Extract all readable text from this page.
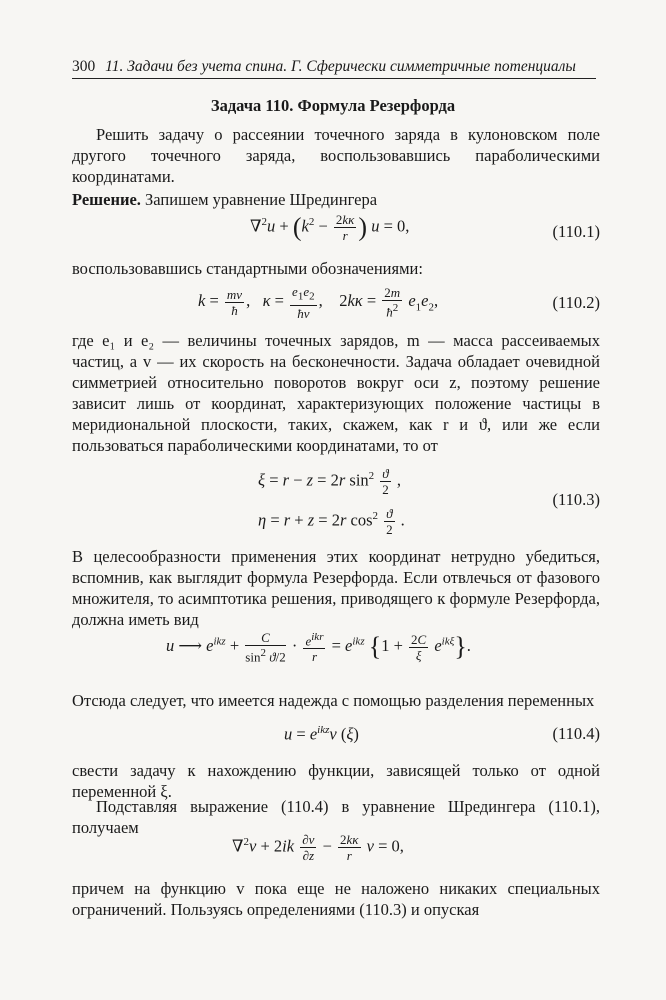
300 11. Задачи без учета спина. Г. Сферически симметричные потенциалы
Задача 110. Формула Резерфорда
Решить задачу о рассеянии точечного заряда в кулоновском поле другого точечного заряда, воспользовавшись параболическими координатами.
Решение. Запишем уравнение Шредингера
$\nabla^2u + (k^2 - \frac{2k\kappa}{r}$ ) u = 0,	(110.1)
воспользовавшись стандартными обозначениями:
$k = \frac{mv}{ħ}$ ,   $\kappa = \frac{e_1e_2}{ħv}$ ,    $2k\kappa = \frac{2m}{ħ^2} e_1e_2$,	(110.2)
где e₁ и e₂ — величины точечных зарядов, m — масса рассеиваемых частиц, а v — их скорость на бесконечности. Задача обладает очевидной симметрией относительно поворотов вокруг оси z, поэтому решение зависит лишь от координат, характеризующих положение частицы в меридиональной плоскости, таких, скажем, как r и ϑ, или же если пользоваться параболическими координатами, то от
ξ = r − z = 2r $\sin^2 \frac{ϑ}{2}$ ,
η = r + z = 2r $\cos^2 \frac{ϑ}{2}$ .
(110.3)
В целесообразности применения этих координат нетрудно убедиться, вспомнив, как выглядит формула Резерфорда. Если отвлечься от фазового множителя, то асимптотика решения, приводящего к формуле Резерфорда, должна иметь вид
u ⟶ $e^{ikz} + \frac{C}{\sin^2 ϑ/2} \cdot \frac{e^{ikr}}{r} = e^{ikz}$ $\{1 + \frac{2C}{\xi} e^{ik\xi}\}$.
Отсюда следует, что имеется надежда с помощью разделения переменных
$u = e^{ikz}v$ (ξ)	(110.4)
свести задачу к нахождению функции, зависящей только от одной переменной ξ.
Подставляя выражение (110.4) в уравнение Шредингера (110.1), получаем
$\nabla^2v + 2ik \frac{\partial v}{\partial z} - \frac{2k\kappa}{r}$ v = 0,
причем на функцию v пока еще не наложено никаких специальных ограничений. Пользуясь определениями (110.3) и опуская
